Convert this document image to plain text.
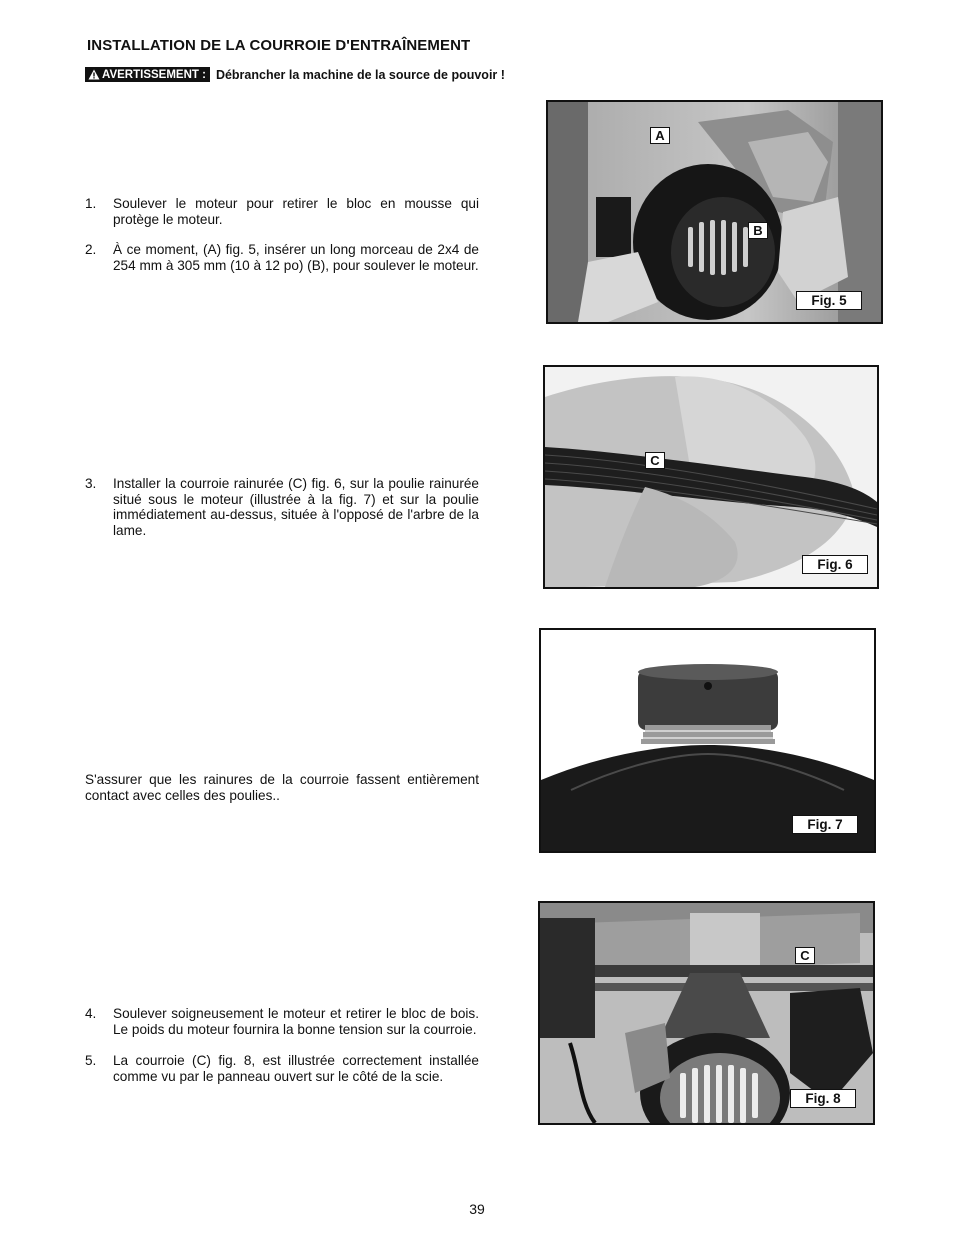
INSTALLATION DE LA COURROIE D'ENTRAÎNEMENT
AVERTISSEMENT : Débrancher la machine de la source de pouvoir !
1. Soulever le moteur pour retirer le bloc en mousse qui protège le moteur.
2. À ce moment, (A) fig. 5, insérer un long morceau de 2x4 de 254 mm à 305 mm (10 à 12 po) (B), pour soulever le moteur.
3. Installer la courroie rainurée (C) fig. 6, sur la poulie rainurée situé sous le moteur (illustrée à la fig. 7) et sur la poulie immédiatement au-dessus, située à l'opposé de l'arbre de la lame.
4. Soulever soigneusement le moteur et retirer le bloc de bois. Le poids du moteur fournira la bonne tension sur la courroie.
5. La courroie (C) fig. 8, est illustrée correctement installée comme vu par le panneau ouvert sur le côté de la scie.
S'assurer que les rainures de la courroie fassent entièrement contact avec celles des poulies..
A
B
Fig. 5
C
Fig. 6
Fig. 7
C
Fig. 8
39
